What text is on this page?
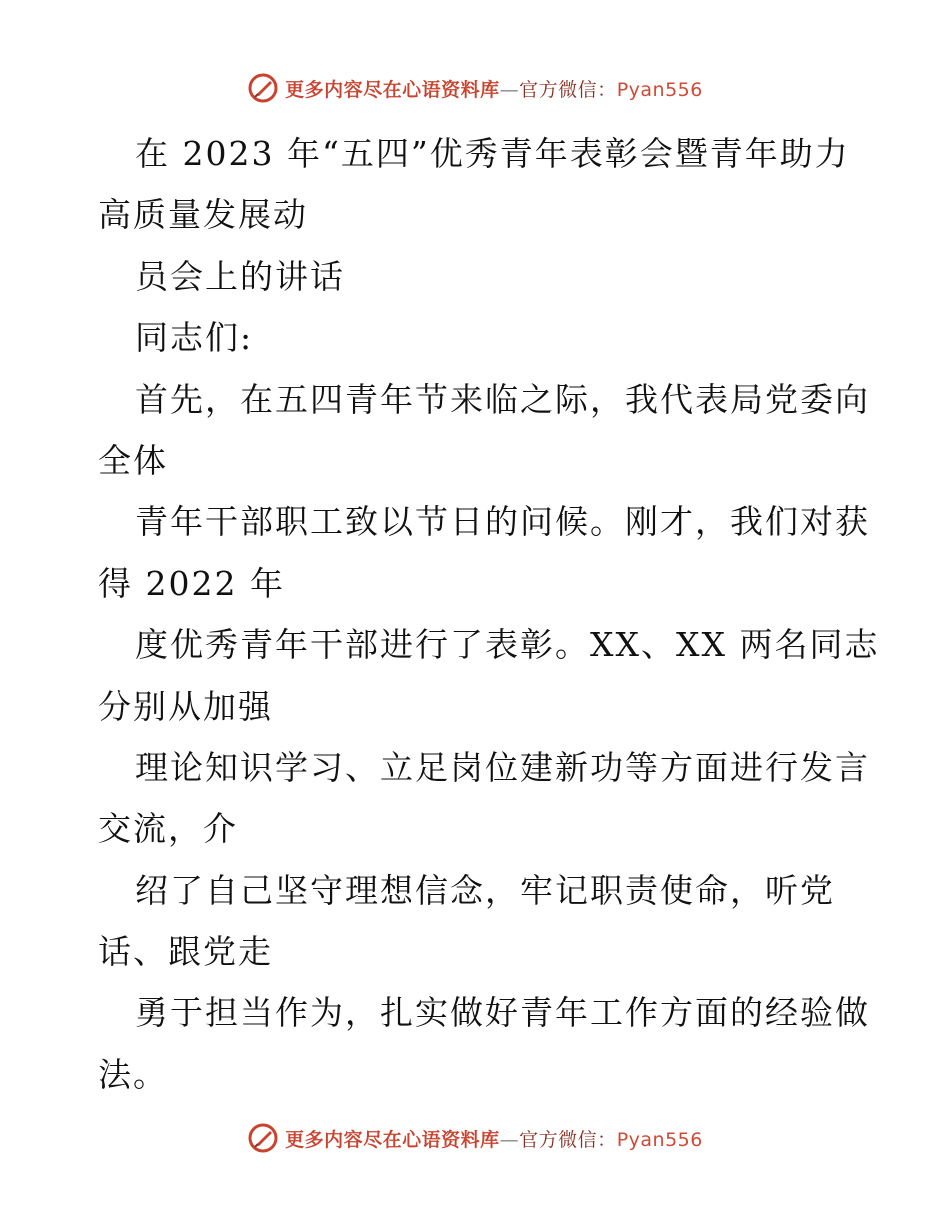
更多内容尽在心语资料库—官方微信：Pyan556
在 2023 年“五四”优秀青年表彰会暨青年助力
高质量发展动
员会上的讲话
同志们:
首先，在五四青年节来临之际，我代表局党委向
全体
青年干部职工致以节日的问候。刚才，我们对获
得 2022 年
度优秀青年干部进行了表彰。XX、XX 两名同志
分别从加强
理论知识学习、立足岗位建新功等方面进行发言
交流，介
绍了自己坚守理想信念，牢记职责使命，听党
话、跟党走
勇于担当作为，扎实做好青年工作方面的经验做
法。
更多内容尽在心语资料库—官方微信：Pyan556
